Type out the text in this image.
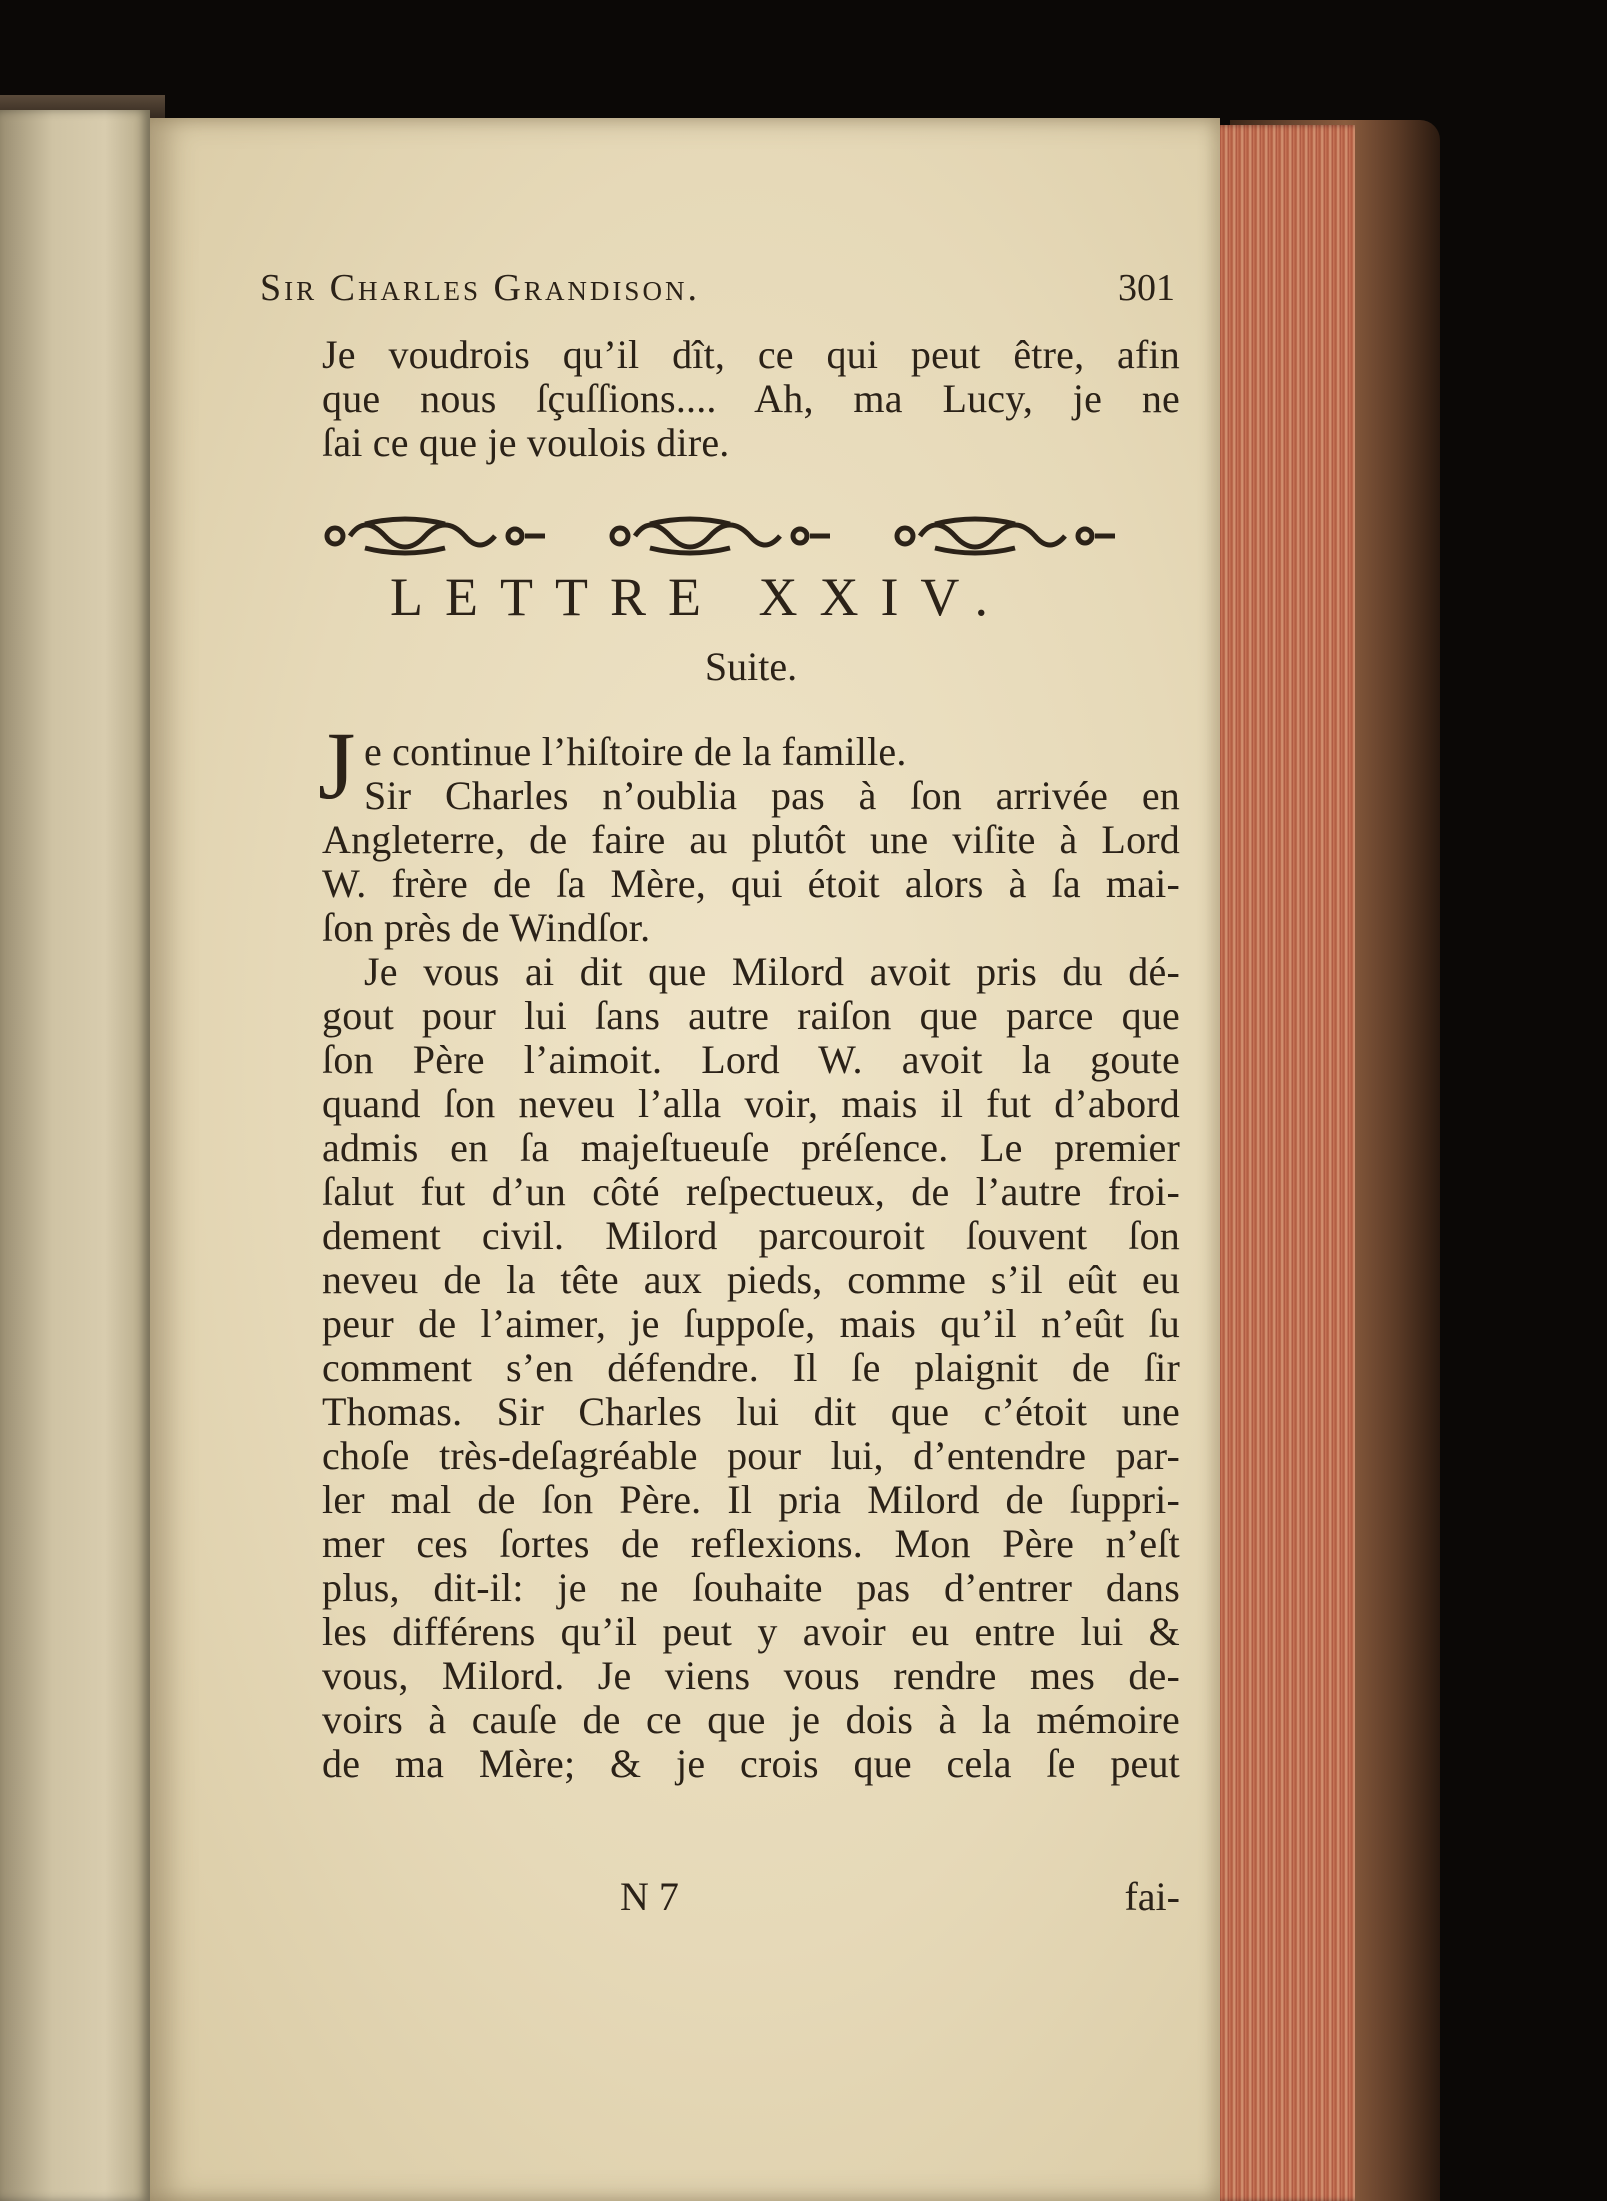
Sir Charles Grandison.	301
Je voudrois qu’il dît, ce qui peut être, afin
que nous ſçuſſions.... Ah, ma Lucy, je ne
ſai ce que je voulois dire.
LETTRE XXIV.
Suite.
J e continue l’hiſtoire de la famille.
Sir Charles n’oublia pas à ſon arrivée en
Angleterre, de faire au plutôt une viſite à Lord
W. frère de ſa Mère, qui étoit alors à ſa mai-
ſon près de Windſor.
Je vous ai dit que Milord avoit pris du dé-
gout pour lui ſans autre raiſon que parce que
ſon Père l’aimoit. Lord W. avoit la goute
quand ſon neveu l’alla voir, mais il fut d’abord
admis en ſa majeſtueuſe préſence. Le premier
ſalut fut d’un côté reſpectueux, de l’autre froi-
dement civil. Milord parcouroit ſouvent ſon
neveu de la tête aux pieds, comme s’il eût eu
peur de l’aimer, je ſuppoſe, mais qu’il n’eût ſu
comment s’en défendre. Il ſe plaignit de ſir
Thomas. Sir Charles lui dit que c’étoit une
choſe très-deſagréable pour lui, d’entendre par-
ler mal de ſon Père. Il pria Milord de ſuppri-
mer ces ſortes de reflexions. Mon Père n’eſt
plus, dit-il: je ne ſouhaite pas d’entrer dans
les différens qu’il peut y avoir eu entre lui &
vous, Milord. Je viens vous rendre mes de-
voirs à cauſe de ce que je dois à la mémoire
de ma Mère; & je crois que cela ſe peut
N 7	fai-
